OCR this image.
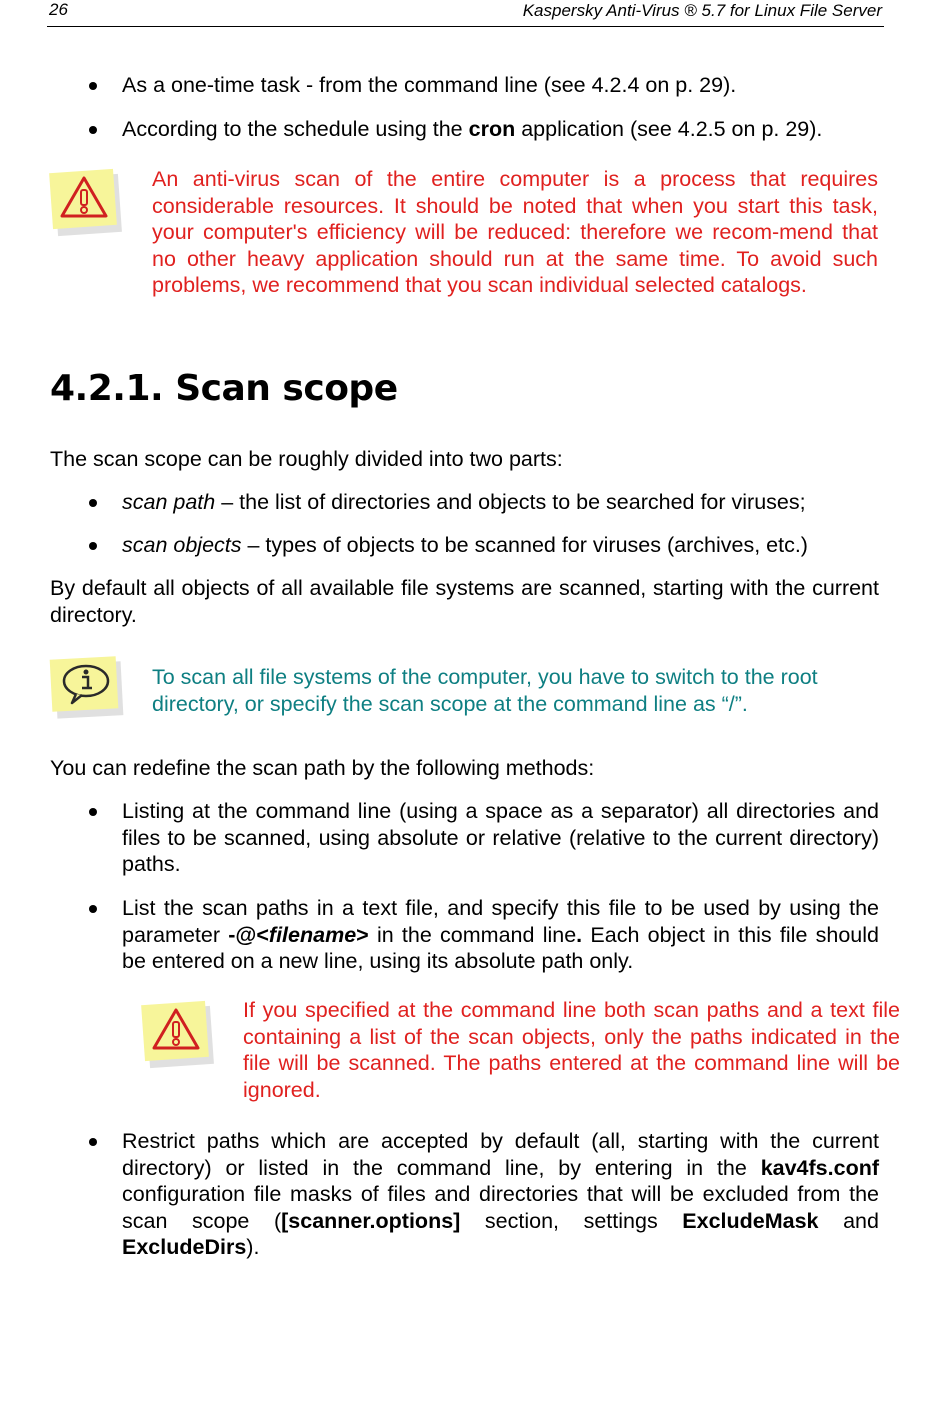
26	Kaspersky Anti-Virus ® 5.7 for Linux File Server
As a one-time task - from the command line (see 4.2.4 on p. 29).
According to the schedule using the cron application (see 4.2.5 on p. 29).
An anti-virus scan of the entire computer is a process that requires considerable resources. It should be noted that when you start this task, your computer's efficiency will be reduced: therefore we recom-mend that no other heavy application should run at the same time. To avoid such problems, we recommend that you scan individual selected catalogs.
4.2.1. Scan scope
The scan scope can be roughly divided into two parts:
scan path – the list of directories and objects to be searched for viruses;
scan objects – types of objects to be scanned for viruses (archives, etc.)
By default all objects of all available file systems are scanned, starting with the current directory.
To scan all file systems of the computer, you have to switch to the root directory, or specify the scan scope at the command line as “/”.
You can redefine the scan path by the following methods:
Listing at the command line (using a space as a separator) all directories and files to be scanned, using absolute or relative (relative to the current directory) paths.
List the scan paths in a text file, and specify this file to be used by using the parameter -@<filename> in the command line. Each object in this file should be entered on a new line, using its absolute path only.
If you specified at the command line both scan paths and a text file containing a list of the scan objects, only the paths indicated in the file will be scanned. The paths entered at the command line will be ignored.
Restrict paths which are accepted by default (all, starting with the current directory) or listed in the command line, by entering in the kav4fs.conf configuration file masks of files and directories that will be excluded from the scan scope ([scanner.options] section, settings ExcludeMask and ExcludeDirs).
